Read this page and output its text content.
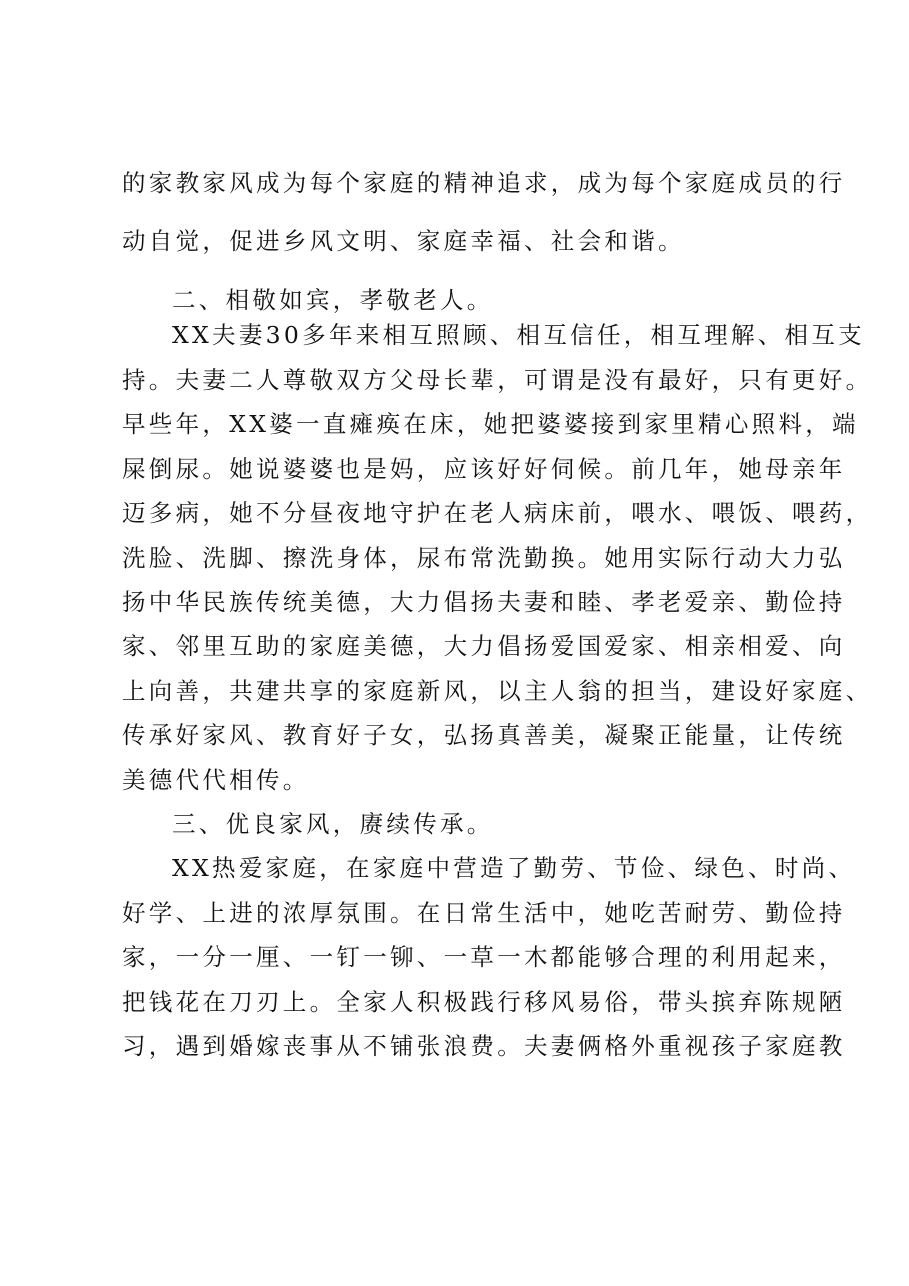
的家教家风成为每个家庭的精神追求，成为每个家庭成员的行
动自觉，促进乡风文明、家庭幸福、社会和谐。
二、相敬如宾，孝敬老人。
XX夫妻30多年来相互照顾、相互信任，相互理解、相互支
持。夫妻二人尊敬双方父母长辈，可谓是没有最好，只有更好。
早些年，XX婆一直瘫痪在床，她把婆婆接到家里精心照料，端
屎倒尿。她说婆婆也是妈，应该好好伺候。前几年，她母亲年
迈多病，她不分昼夜地守护在老人病床前，喂水、喂饭、喂药，
洗脸、洗脚、擦洗身体，尿布常洗勤换。她用实际行动大力弘
扬中华民族传统美德，大力倡扬夫妻和睦、孝老爱亲、勤俭持
家、邻里互助的家庭美德，大力倡扬爱国爱家、相亲相爱、向
上向善，共建共享的家庭新风，以主人翁的担当，建设好家庭、
传承好家风、教育好子女，弘扬真善美，凝聚正能量，让传统
美德代代相传。
三、优良家风，赓续传承。
XX热爱家庭，在家庭中营造了勤劳、节俭、绿色、时尚、
好学、上进的浓厚氛围。在日常生活中，她吃苦耐劳、勤俭持
家，一分一厘、一钉一铆、一草一木都能够合理的利用起来，
把钱花在刀刃上。全家人积极践行移风易俗，带头摈弃陈规陋
习，遇到婚嫁丧事从不铺张浪费。夫妻俩格外重视孩子家庭教
